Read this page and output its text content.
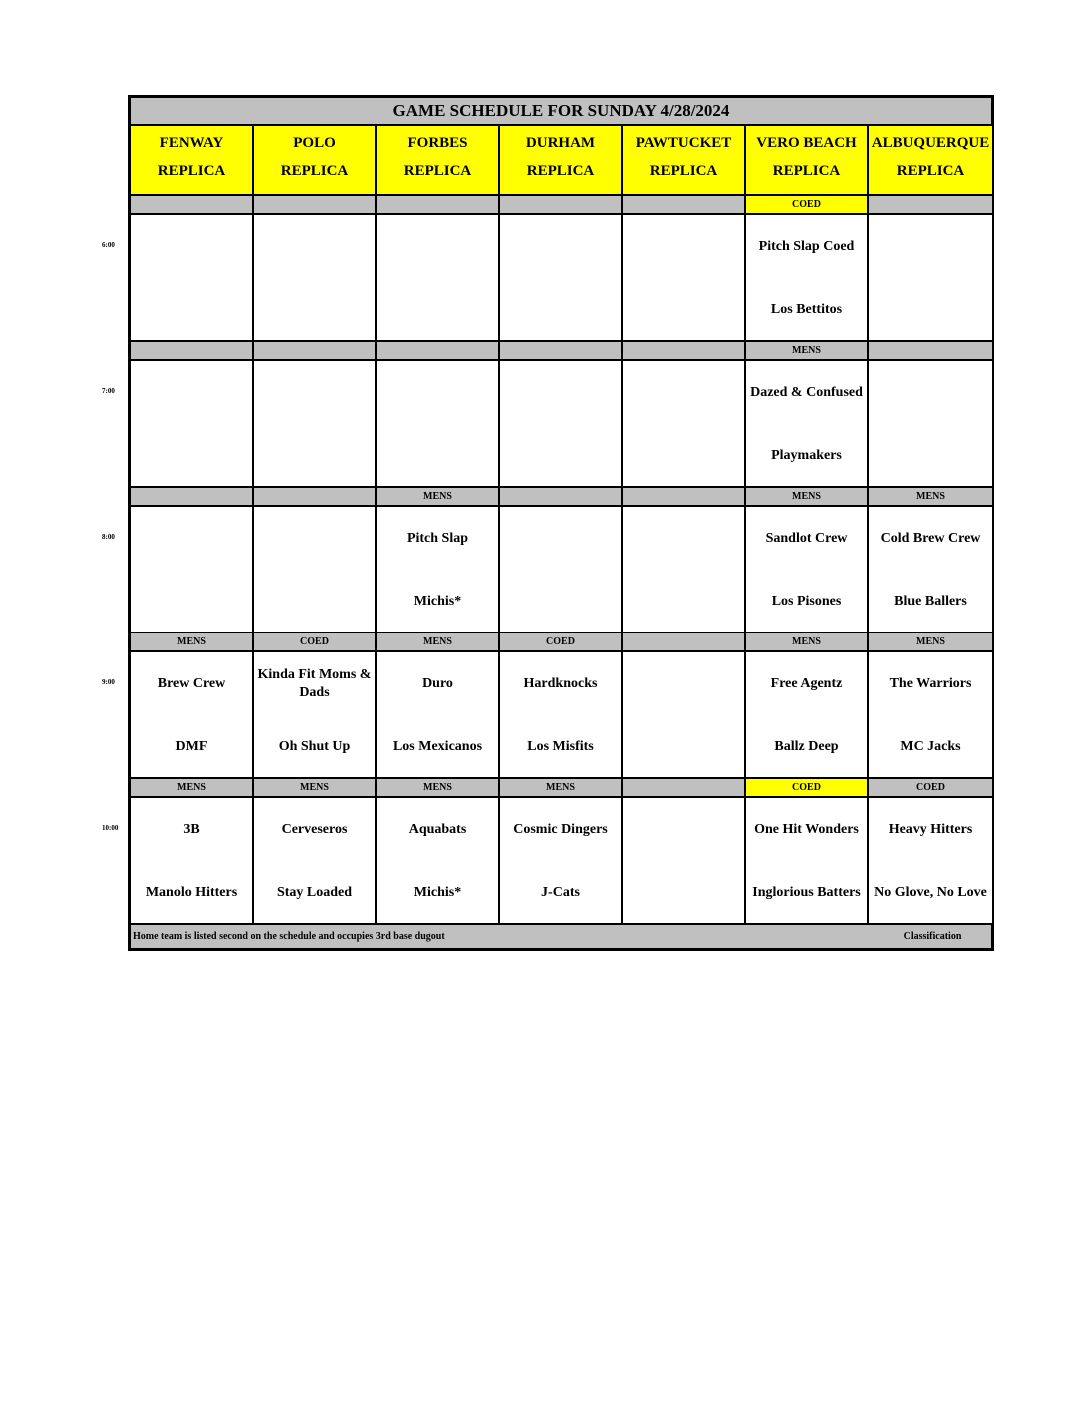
GAME SCHEDULE FOR SUNDAY 4/28/2024
FENWAY
REPLICA
POLO
REPLICA
FORBES
REPLICA
DURHAM
REPLICA
PAWTUCKET
REPLICA
VERO BEACH
REPLICA
ALBUQUERQUE
REPLICA
COED
Pitch Slap Coed
Los Bettitos
MENS
Dazed & Confused
Playmakers
MENS
Pitch Slap
Michis*
MENS
Sandlot Crew
Los Pisones
MENS
Cold Brew Crew
Blue Ballers
MENS
Brew Crew
DMF
COED
Kinda Fit Moms & Dads
Oh Shut Up
MENS
Duro
Los Mexicanos
COED
Hardknocks
Los Misfits
MENS
Free Agentz
Ballz Deep
MENS
The Warriors
MC Jacks
MENS
3B
Manolo Hitters
MENS
Cerveseros
Stay Loaded
MENS
Aquabats
Michis*
MENS
Cosmic Dingers
J-Cats
COED
One Hit Wonders
Inglorious Batters
COED
Heavy Hitters
No Glove, No Love
Home team is listed second on the schedule and occupies 3rd base dugout	Classification
6:00
7:00
8:00
9:00
10:00
